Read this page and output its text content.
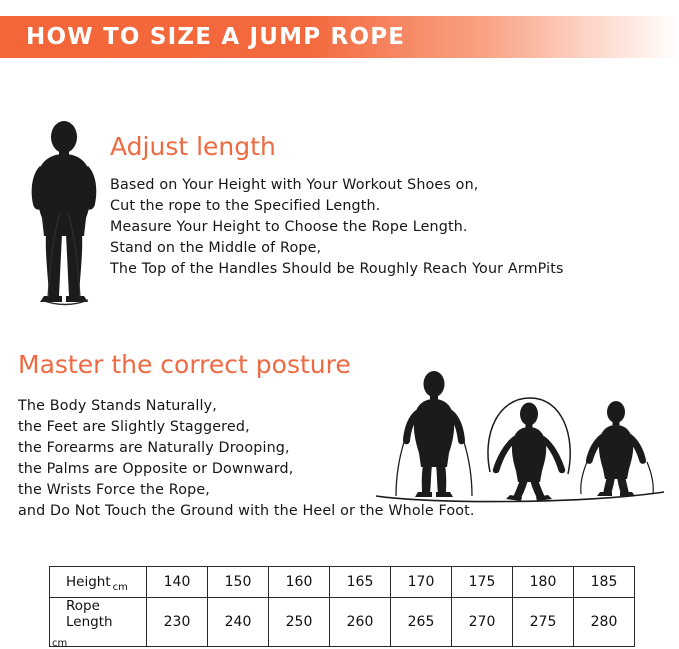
HOW TO SIZE A JUMP ROPE
Adjust length
Based on Your Height with Your Workout Shoes on,
Cut the rope to the Specified Length.
Measure Your Height to Choose the Rope Length.
Stand on the Middle of Rope,
The Top of the Handles Should be Roughly Reach Your ArmPits
Master the correct posture
The Body Stands Naturally,
the Feet are Slightly Staggered,
the Forearms are Naturally Drooping,
the Palms are Opposite or Downward,
the Wrists Force the Rope,
and Do Not Touch the Ground with the Heel or the Whole Foot.
Height $_{cm}$	140	150	160	165	170	175	180	185
Rope Length$_{cm}$	230	240	250	260	265	270	275	280
